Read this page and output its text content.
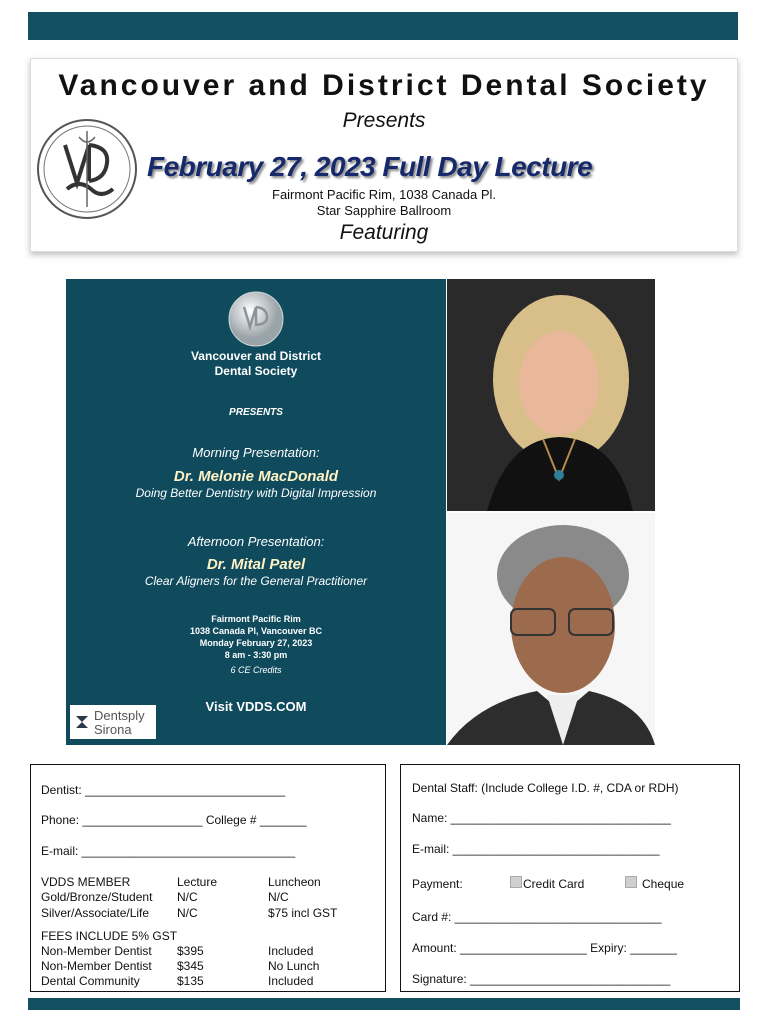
Vancouver and District Dental Society
Presents
February 27, 2023 Full Day Lecture
Fairmont Pacific Rim, 1038 Canada Pl.
Star Sapphire Ballroom
Featuring
Vancouver and District
Dental Society
PRESENTS
Morning Presentation:
Dr. Melonie MacDonald
Doing Better Dentistry with Digital Impression
Afternoon Presentation:
Dr. Mital Patel
Clear Aligners for the General Practitioner
Fairmont Pacific Rim
1038 Canada Pl, Vancouver BC
Monday February 27, 2023
8 am - 3:30 pm
6 CE Credits
Visit VDDS.COM
Dentsply
Sirona
Dentist: ______________________________
Phone: __________________ College # _______
E-mail: ________________________________
VDDS MEMBER	Lecture	Luncheon
Gold/Bronze/Student N/C	N/C
Silver/Associate/Life N/C	$75 incl GST
FEES INCLUDE 5% GST
Non-Member Dentist $395	Included
Non-Member Dentist $345	No Lunch
Dental Community	$135	Included
Dental Staff: (Include College I.D. #, CDA or RDH)
Name: _________________________________
E-mail: _______________________________
Payment:	Credit Card	Cheque
Card #: _______________________________
Amount: ___________________ Expiry: _______
Signature: ______________________________
